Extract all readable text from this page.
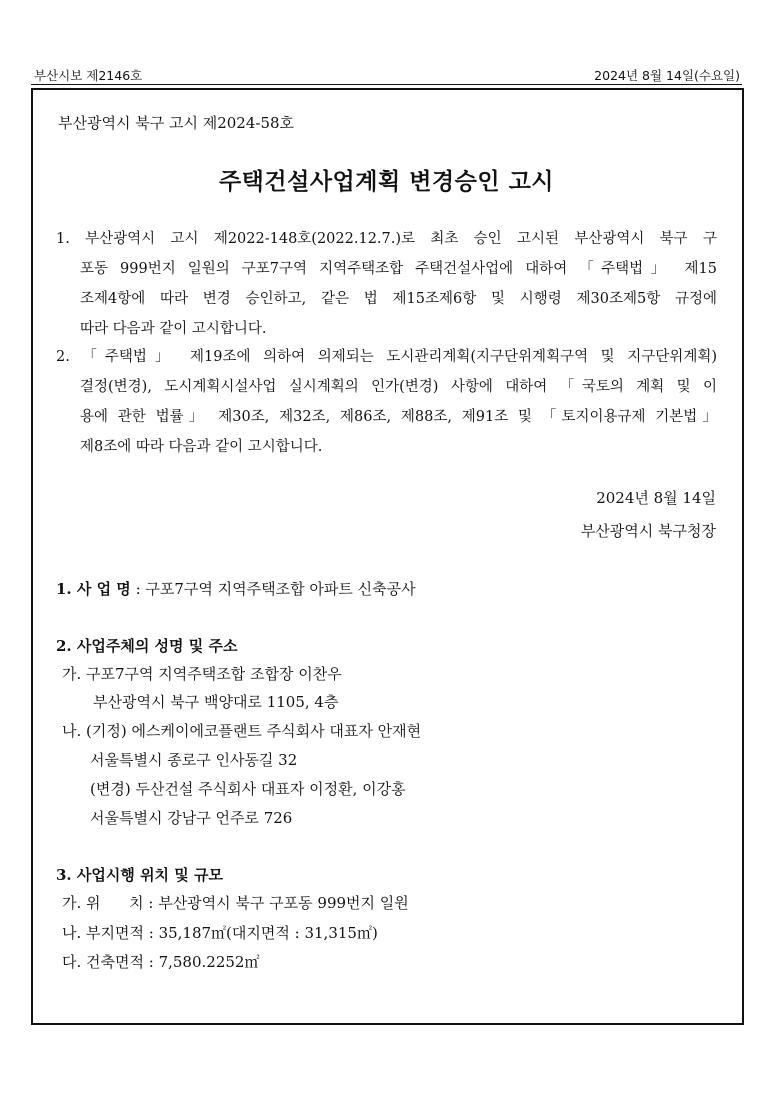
부산시보 제2146호	2024년 8월 14일(수요일)
부산광역시 북구 고시 제2024-58호
주택건설사업계획 변경승인 고시
1. 부산광역시 고시 제2022-148호(2022.12.7.)로 최초 승인 고시된 부산광역시 북구 구
포동 999번지 일원의 구포7구역 지역주택조합 주택건설사업에 대하여 「주택법」 제15
조제4항에 따라 변경 승인하고, 같은 법 제15조제6항 및 시행령 제30조제5항 규정에
따라 다음과 같이 고시합니다.
2. 「주택법」 제19조에 의하여 의제되는 도시관리계획(지구단위계획구역 및 지구단위계획)
결정(변경), 도시계획시설사업 실시계획의 인가(변경) 사항에 대하여 「국토의 계획 및 이
용에 관한 법률」 제30조, 제32조, 제86조, 제88조, 제91조 및 「토지이용규제 기본법」
제8조에 따라 다음과 같이 고시합니다.
2024년 8월 14일
부산광역시 북구청장
1. 사 업 명 : 구포7구역 지역주택조합 아파트 신축공사
2. 사업주체의 성명 및 주소
가. 구포7구역 지역주택조합 조합장 이찬우
부산광역시 북구 백양대로 1105, 4층
나. (기정) 에스케이에코플랜트 주식회사 대표자 안재현
서울특별시 종로구 인사동길 32
(변경) 두산건설 주식회사 대표자 이정환, 이강홍
서울특별시 강남구 언주로 726
3. 사업시행 위치 및 규모
가. 위      치 : 부산광역시 북구 구포동 999번지 일원
나. 부지면적 : 35,187㎡(대지면적 : 31,315㎡)
다. 건축면적 : 7,580.2252㎡
